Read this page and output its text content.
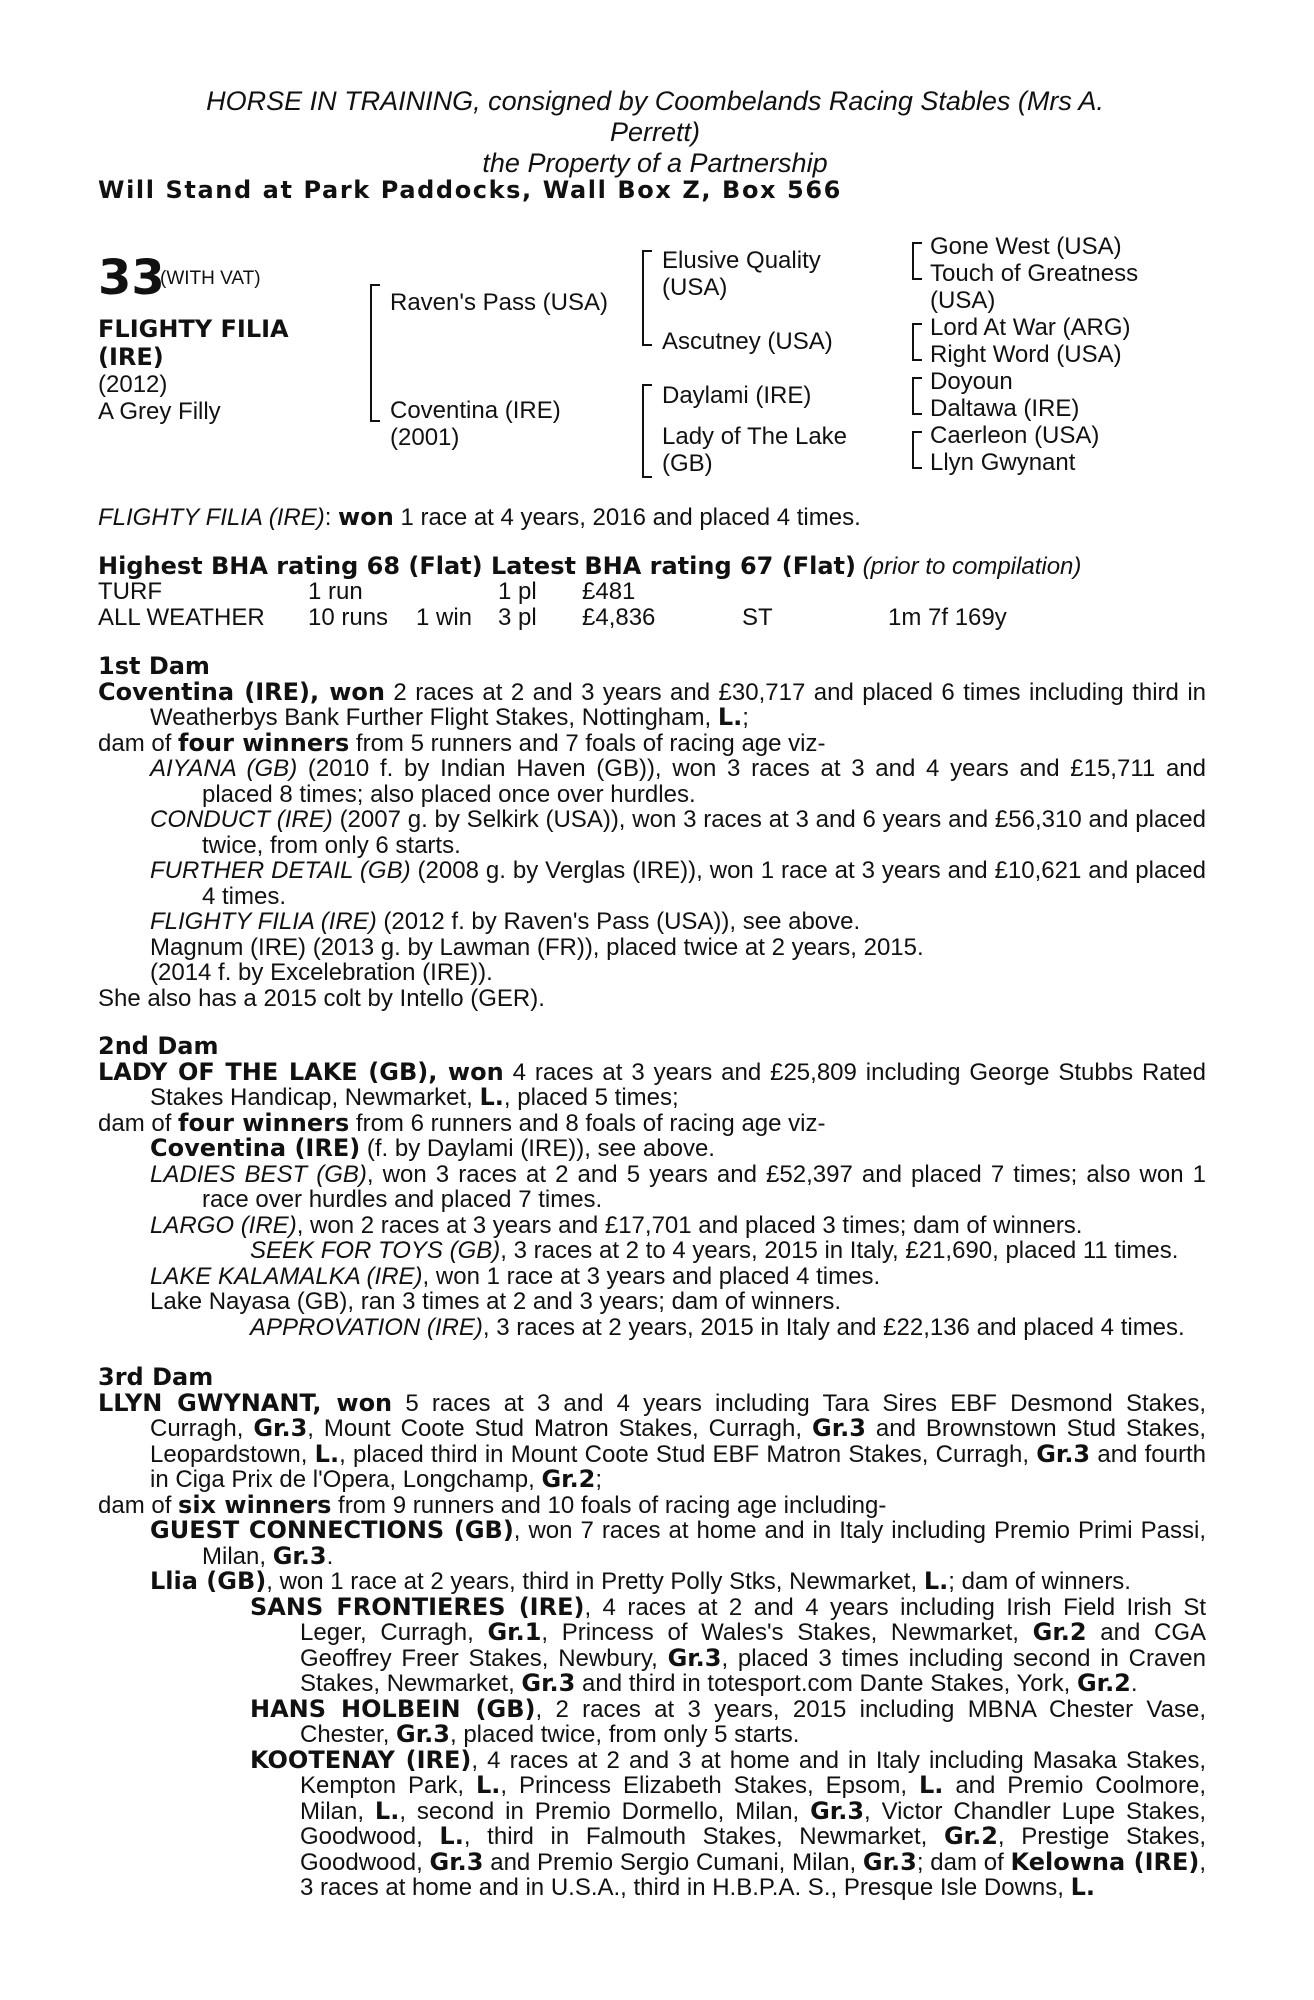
HORSE IN TRAINING, consigned by Coombelands Racing Stables (Mrs A.
Perrett)
the Property of a Partnership
Will Stand at Park Paddocks, Wall Box Z, Box 566
33
(WITH VAT)
FLIGHTY FILIA
(IRE)
(2012)
A Grey Filly
Raven's Pass (USA)
Coventina (IRE)
(2001)
Elusive Quality
(USA)
Ascutney (USA)
Daylami (IRE)
Lady of The Lake
(GB)
Gone West (USA)
Touch of Greatness
(USA)
Lord At War (ARG)
Right Word (USA)
Doyoun
Daltawa (IRE)
Caerleon (USA)
Llyn Gwynant
FLIGHTY FILIA (IRE): won 1 race at 4 years, 2016 and placed 4 times.
Highest BHA rating 68 (Flat) Latest BHA rating 67 (Flat) (prior to compilation)
TURF	1 run		1 pl	£481		
ALL WEATHER	10 runs	1 win	3 pl	£4,836	ST	1m 7f 169y

1st Dam

Coventina (IRE), won 2 races at 2 and 3 years and £30,717 and placed 6 times including third in Weatherbys Bank Further Flight Stakes, Nottingham, L.;

dam of four winners from 5 runners and 7 foals of racing age viz-

AIYANA (GB) (2010 f. by Indian Haven (GB)), won 3 races at 3 and 4 years and £15,711 and placed 8 times; also placed once over hurdles.

CONDUCT (IRE) (2007 g. by Selkirk (USA)), won 3 races at 3 and 6 years and £56,310 and placed twice, from only 6 starts.

FURTHER DETAIL (GB) (2008 g. by Verglas (IRE)), won 1 race at 3 years and £10,621 and placed 4 times.

FLIGHTY FILIA (IRE) (2012 f. by Raven's Pass (USA)), see above.

Magnum (IRE) (2013 g. by Lawman (FR)), placed twice at 2 years, 2015.

(2014 f. by Excelebration (IRE)).

She also has a 2015 colt by Intello (GER).

2nd Dam

LADY OF THE LAKE (GB), won 4 races at 3 years and £25,809 including George Stubbs Rated Stakes Handicap, Newmarket, L., placed 5 times;

dam of four winners from 6 runners and 8 foals of racing age viz-

Coventina (IRE) (f. by Daylami (IRE)), see above.

LADIES BEST (GB), won 3 races at 2 and 5 years and £52,397 and placed 7 times; also won 1 race over hurdles and placed 7 times.

LARGO (IRE), won 2 races at 3 years and £17,701 and placed 3 times; dam of winners.

SEEK FOR TOYS (GB), 3 races at 2 to 4 years, 2015 in Italy, £21,690, placed 11 times.

LAKE KALAMALKA (IRE), won 1 race at 3 years and placed 4 times.

Lake Nayasa (GB), ran 3 times at 2 and 3 years; dam of winners.

APPROVATION (IRE), 3 races at 2 years, 2015 in Italy and £22,136 and placed 4 times.

3rd Dam

LLYN GWYNANT, won 5 races at 3 and 4 years including Tara Sires EBF Desmond Stakes, Curragh, Gr.3, Mount Coote Stud Matron Stakes, Curragh, Gr.3 and Brownstown Stud Stakes, Leopardstown, L., placed third in Mount Coote Stud EBF Matron Stakes, Curragh, Gr.3 and fourth in Ciga Prix de l'Opera, Longchamp, Gr.2;

dam of six winners from 9 runners and 10 foals of racing age including-

GUEST CONNECTIONS (GB), won 7 races at home and in Italy including Premio Primi Passi, Milan, Gr.3.

Llia (GB), won 1 race at 2 years, third in Pretty Polly Stks, Newmarket, L.; dam of winners.

SANS FRONTIERES (IRE), 4 races at 2 and 4 years including Irish Field Irish St Leger, Curragh, Gr.1, Princess of Wales's Stakes, Newmarket, Gr.2 and CGA Geoffrey Freer Stakes, Newbury, Gr.3, placed 3 times including second in Craven Stakes, Newmarket, Gr.3 and third in totesport.com Dante Stakes, York, Gr.2.

HANS HOLBEIN (GB), 2 races at 3 years, 2015 including MBNA Chester Vase, Chester, Gr.3, placed twice, from only 5 starts.

KOOTENAY (IRE), 4 races at 2 and 3 at home and in Italy including Masaka Stakes, Kempton Park, L., Princess Elizabeth Stakes, Epsom, L. and Premio Coolmore, Milan, L., second in Premio Dormello, Milan, Gr.3, Victor Chandler Lupe Stakes, Goodwood, L., third in Falmouth Stakes, Newmarket, Gr.2, Prestige Stakes, Goodwood, Gr.3 and Premio Sergio Cumani, Milan, Gr.3; dam of Kelowna (IRE), 3 races at home and in U.S.A., third in H.B.P.A. S., Presque Isle Downs, L.
